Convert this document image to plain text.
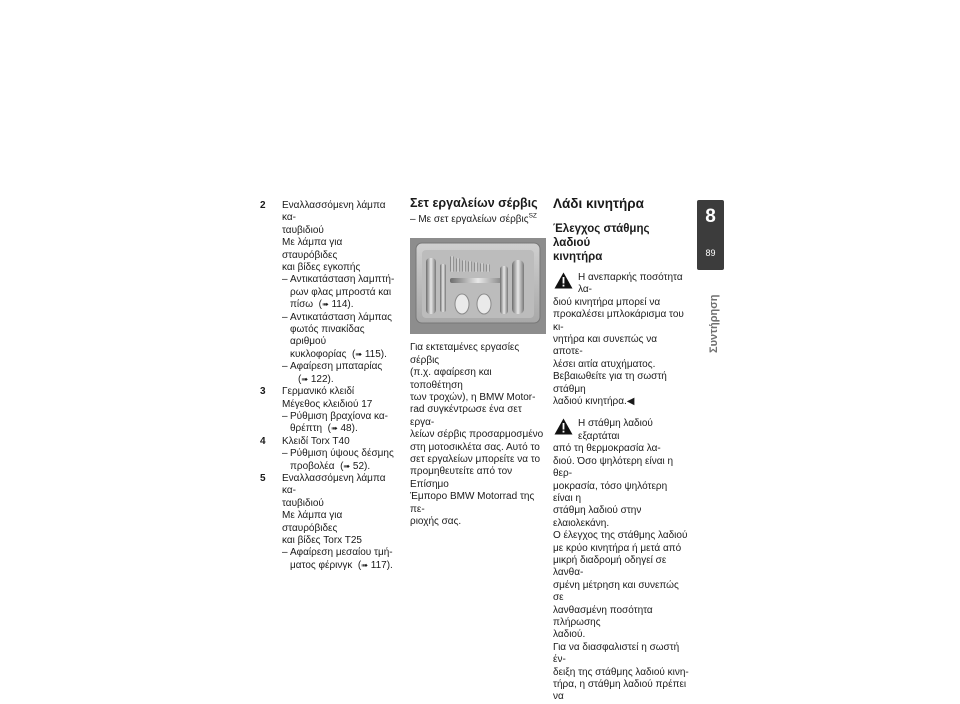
2 Εναλλασσόμενη λάμπα κα-
ταυβιδιού
Με λάμπα για σταυρόβιδες
και βίδες εγκοπής
– Αντικατάσταση λαμπτή-
ρων φλας μπροστά και
πίσω  (➠ 114).
– Αντικατάσταση λάμπας
φωτός πινακίδας αριθμού
κυκλοφορίας  (➠ 115).
– Αφαίρεση μπαταρίας
(➠ 122).
3 Γερμανικό κλειδί
Μέγεθος κλειδιού 17
– Ρύθμιση βραχίονα κα-
θρέπτη  (➠ 48).
4 Κλειδί Torx T40
– Ρύθμιση ύψους δέσμης
προβολέα  (➠ 52).
5 Εναλλασσόμενη λάμπα κα-
ταυβιδιού
Με λάμπα για σταυρόβιδες
και βίδες Torx T25
– Αφαίρεση μεσαίου τμή-
ματος φέρινγκ  (➠ 117).
Σετ εργαλείων σέρβις
– Με σετ εργαλείων σέρβις$^{SZ}$
Για εκτεταμένες εργασίες σέρβις
(π.χ. αφαίρεση και τοποθέτηση
των τροχών), η BMW Motor-
rad συγκέντρωσε ένα σετ εργα-
λείων σέρβις προσαρμοσμένο
στη μοτοσικλέτα σας. Αυτό το
σετ εργαλείων μπορείτε να το
προμηθευτείτε από τον Επίσημο
Έμπορο BMW Motorrad της πε-
ριοχής σας.
Λάδι κινητήρα
Έλεγχος στάθμης λαδιού
κινητήρα
Η ανεπαρκής ποσότητα λα-
διού κινητήρα μπορεί να
προκαλέσει μπλοκάρισμα του κι-
νητήρα και συνεπώς να αποτε-
λέσει αιτία ατυχήματος.
Βεβαιωθείτε για τη σωστή στάθμη
λαδιού κινητήρα.◀
Η στάθμη λαδιού εξαρτάται
από τη θερμοκρασία λα-
διού. Όσο ψηλότερη είναι η θερ-
μοκρασία, τόσο ψηλότερη είναι η
στάθμη λαδιού στην ελαιολεκάνη.
Ο έλεγχος της στάθμης λαδιού
με κρύο κινητήρα ή μετά από
μικρή διαδρομή οδηγεί σε λανθα-
σμένη μέτρηση και συνεπώς σε
λανθασμένη ποσότητα πλήρωσης
λαδιού.
Για να διασφαλιστεί η σωστή έν-
δειξη της στάθμης λαδιού κινη-
τήρα, η στάθμη λαδιού πρέπει να
8
89
Συντήρηση
